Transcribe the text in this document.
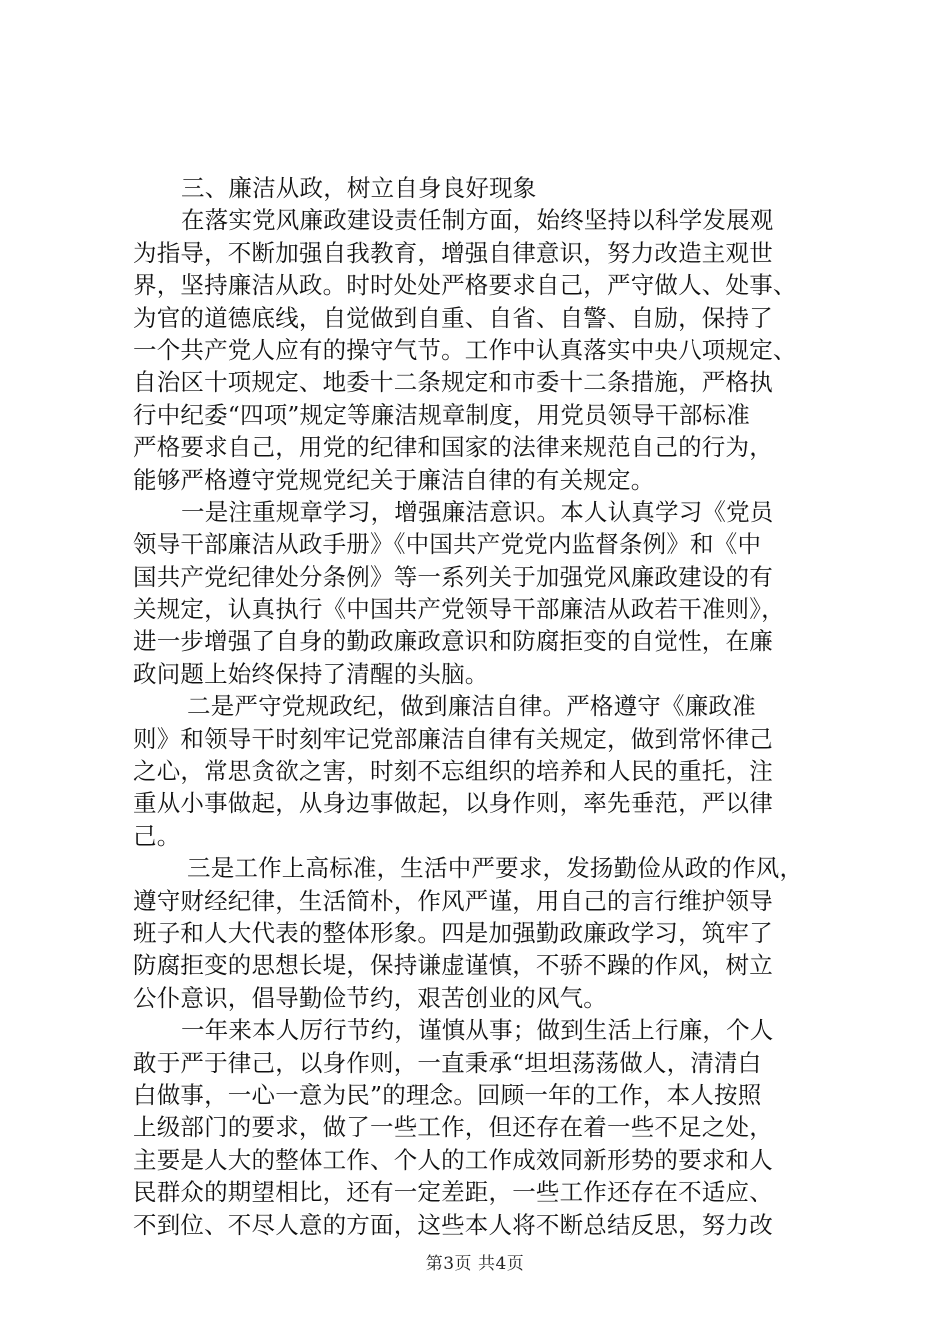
三、廉洁从政，树立自身良好现象
在落实党风廉政建设责任制方面，始终坚持以科学发展观
为指导，不断加强自我教育，增强自律意识，努力改造主观世
界，坚持廉洁从政。时时处处严格要求自己，严守做人、处事、
为官的道德底线，自觉做到自重、自省、自警、自励，保持了
一个共产党人应有的操守气节。工作中认真落实中央八项规定、
自治区十项规定、地委十二条规定和市委十二条措施，严格执
行中纪委“四项”规定等廉洁规章制度，用党员领导干部标准
严格要求自己，用党的纪律和国家的法律来规范自己的行为，
能够严格遵守党规党纪关于廉洁自律的有关规定。
一是注重规章学习，增强廉洁意识。本人认真学习《党员
领导干部廉洁从政手册》《中国共产党党内监督条例》和《中
国共产党纪律处分条例》等一系列关于加强党风廉政建设的有
关规定，认真执行《中国共产党领导干部廉洁从政若干准则》，
进一步增强了自身的勤政廉政意识和防腐拒变的自觉性，在廉
政问题上始终保持了清醒的头脑。
二是严守党规政纪，做到廉洁自律。严格遵守《廉政准
则》和领导干时刻牢记党部廉洁自律有关规定，做到常怀律己
之心，常思贪欲之害，时刻不忘组织的培养和人民的重托，注
重从小事做起，从身边事做起，以身作则，率先垂范，严以律
己。
三是工作上高标准，生活中严要求，发扬勤俭从政的作风，
遵守财经纪律，生活简朴，作风严谨，用自己的言行维护领导
班子和人大代表的整体形象。四是加强勤政廉政学习，筑牢了
防腐拒变的思想长堤，保持谦虚谨慎，不骄不躁的作风，树立
公仆意识，倡导勤俭节约，艰苦创业的风气。
一年来本人厉行节约，谨慎从事；做到生活上行廉，个人
敢于严于律己，以身作则，一直秉承“坦坦荡荡做人，清清白
白做事，一心一意为民”的理念。回顾一年的工作，本人按照
上级部门的要求，做了一些工作，但还存在着一些不足之处，
主要是人大的整体工作、个人的工作成效同新形势的要求和人
民群众的期望相比，还有一定差距，一些工作还存在不适应、
不到位、不尽人意的方面，这些本人将不断总结反思，努力改
第3页 共4页
